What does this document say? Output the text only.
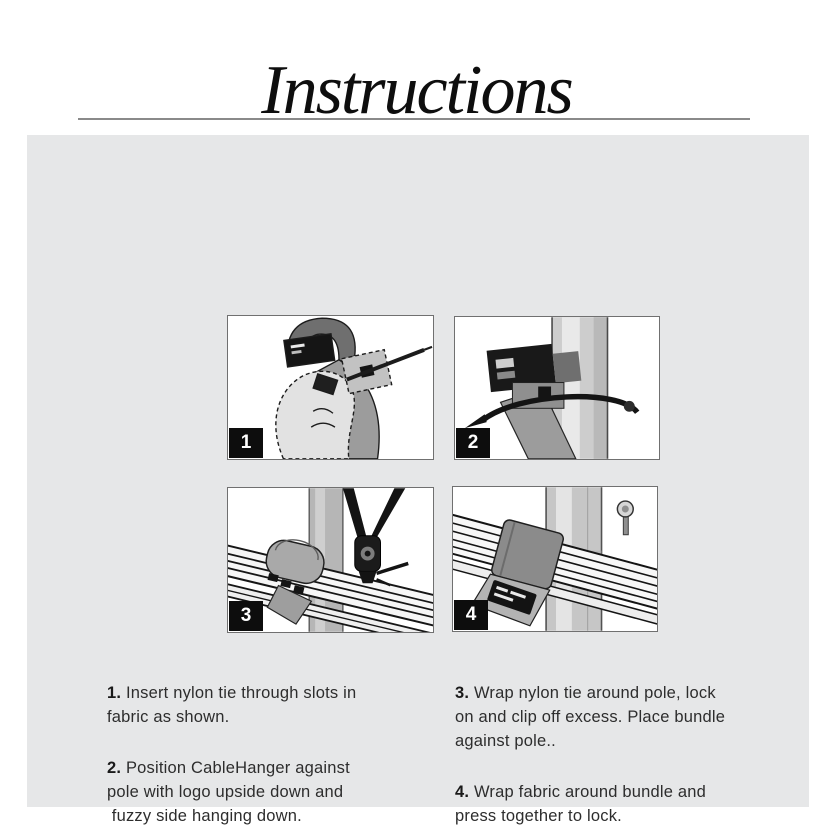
Instructions
1	2
3	4

1. Insert nylon tie through slots in
fabric as shown.

2. Position CableHanger against
pole with logo upside down and
fuzzy side hanging down.

3. Wrap nylon tie around pole, lock
on and clip off excess. Place bundle
against pole..

4. Wrap fabric around bundle and
press together to lock.
